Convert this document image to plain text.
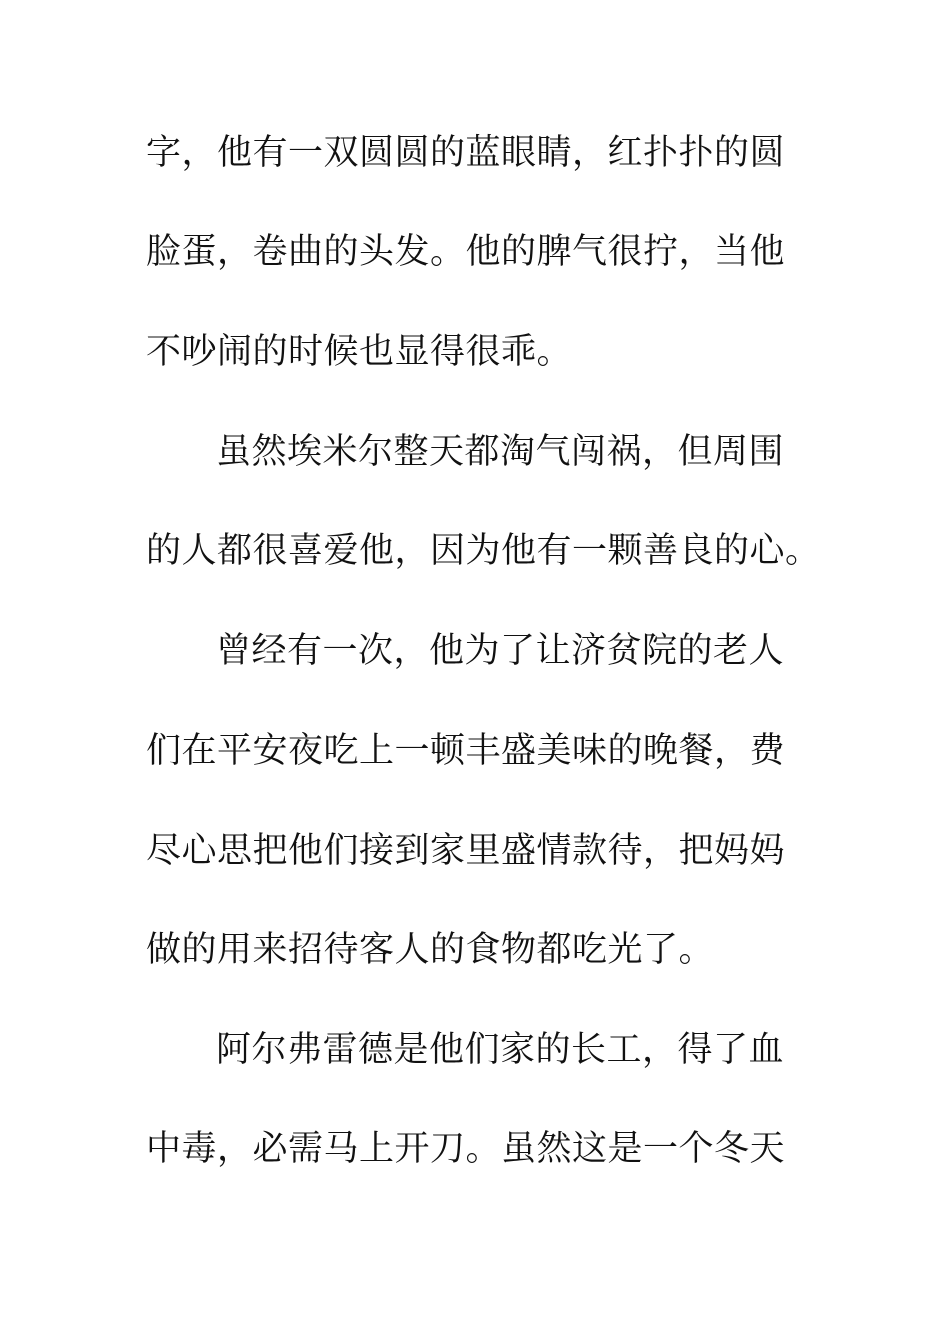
字，他有一双圆圆的蓝眼睛，红扑扑的圆
脸蛋，卷曲的头发。他的脾气很拧，当他
不吵闹的时候也显得很乖。
虽然埃米尔整天都淘气闯祸，但周围
的人都很喜爱他，因为他有一颗善良的心。
曾经有一次，他为了让济贫院的老人
们在平安夜吃上一顿丰盛美味的晚餐，费
尽心思把他们接到家里盛情款待，把妈妈
做的用来招待客人的食物都吃光了。
阿尔弗雷德是他们家的长工，得了血
中毒，必需马上开刀。虽然这是一个冬天
